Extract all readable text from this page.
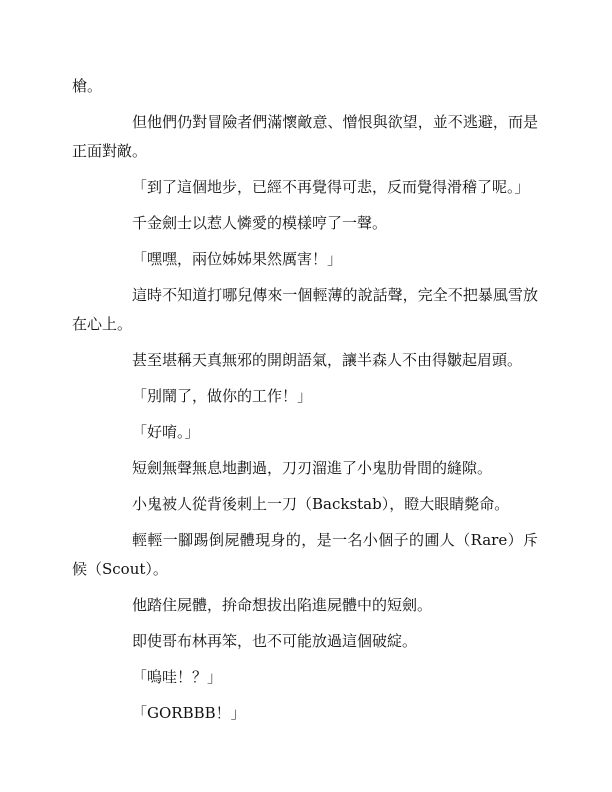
槍。

但他們仍對冒險者們滿懷敵意、憎恨與欲望，並不逃避，而是正面對敵。

「到了這個地步，已經不再覺得可悲，反而覺得滑稽了呢。」

千金劍士以惹人憐愛的模樣哼了一聲。

「嘿嘿，兩位姊姊果然厲害！」

這時不知道打哪兒傳來一個輕薄的說話聲，完全不把暴風雪放在心上。

甚至堪稱天真無邪的開朗語氣，讓半森人不由得皺起眉頭。

「別鬧了，做你的工作！」

「好唷。」

短劍無聲無息地劃過，刀刃溜進了小鬼肋骨間的縫隙。

小鬼被人從背後刺上一刀（Backstab），瞪大眼睛斃命。

輕輕一腳踢倒屍體現身的，是一名小個子的圃人（Rare）斥候（Scout）。

他踏住屍體，拚命想拔出陷進屍體中的短劍。

即使哥布林再笨，也不可能放過這個破綻。

「嗚哇！？」

「GORBBB！」
